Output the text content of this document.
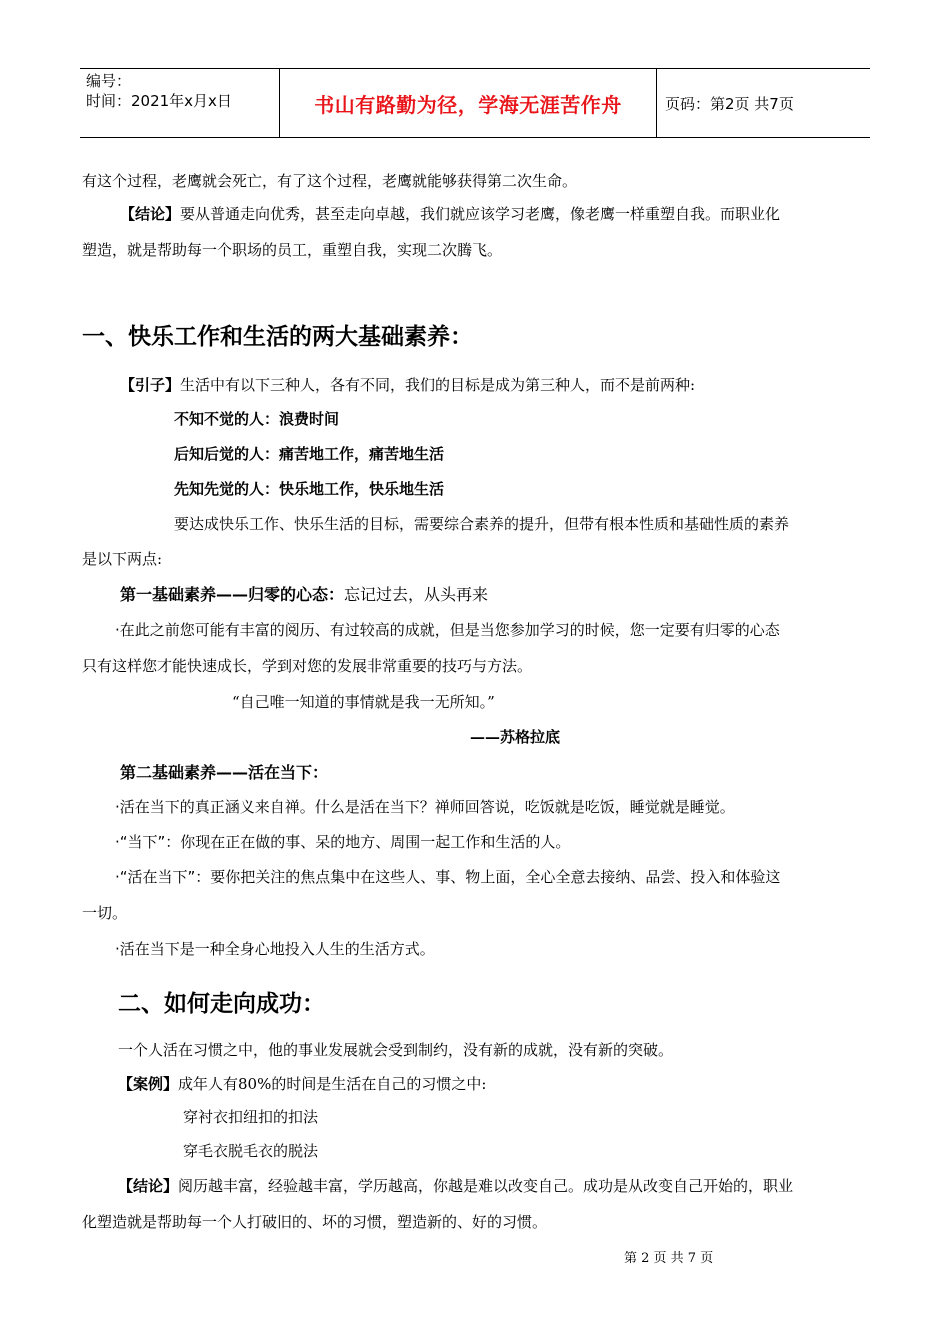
编号：
时间：2021年x月x日	书山有路勤为径，学海无涯苦作舟	页码：第2页 共7页
有这个过程，老鹰就会死亡，有了这个过程，老鹰就能够获得第二次生命。
【结论】要从普通走向优秀，甚至走向卓越，我们就应该学习老鹰，像老鹰一样重塑自我。而职业化
塑造，就是帮助每一个职场的员工，重塑自我，实现二次腾飞。
一、快乐工作和生活的两大基础素养：
【引子】生活中有以下三种人，各有不同，我们的目标是成为第三种人，而不是前两种:
不知不觉的人：浪费时间
后知后觉的人：痛苦地工作，痛苦地生活
先知先觉的人：快乐地工作，快乐地生活
要达成快乐工作、快乐生活的目标，需要综合素养的提升，但带有根本性质和基础性质的素养
是以下两点:
第一基础素养——归零的心态：忘记过去，从头再来
·在此之前您可能有丰富的阅历、有过较高的成就，但是当您参加学习的时候，您一定要有归零的心态
只有这样您才能快速成长，学到对您的发展非常重要的技巧与方法。
“自己唯一知道的事情就是我一无所知。”
——苏格拉底
第二基础素养——活在当下：
·活在当下的真正涵义来自禅。什么是活在当下？禅师回答说，吃饭就是吃饭，睡觉就是睡觉。
·“当下”：你现在正在做的事、呆的地方、周围一起工作和生活的人。
·“活在当下”：要你把关注的焦点集中在这些人、事、物上面，全心全意去接纳、品尝、投入和体验这
一切。
·活在当下是一种全身心地投入人生的生活方式。
二、如何走向成功：
一个人活在习惯之中，他的事业发展就会受到制约，没有新的成就，没有新的突破。
【案例】成年人有80%的时间是生活在自己的习惯之中:
穿衬衣扣纽扣的扣法
穿毛衣脱毛衣的脱法
【结论】阅历越丰富，经验越丰富，学历越高，你越是难以改变自己。成功是从改变自己开始的，职业
化塑造就是帮助每一个人打破旧的、坏的习惯，塑造新的、好的习惯。
第 2 页 共 7 页
